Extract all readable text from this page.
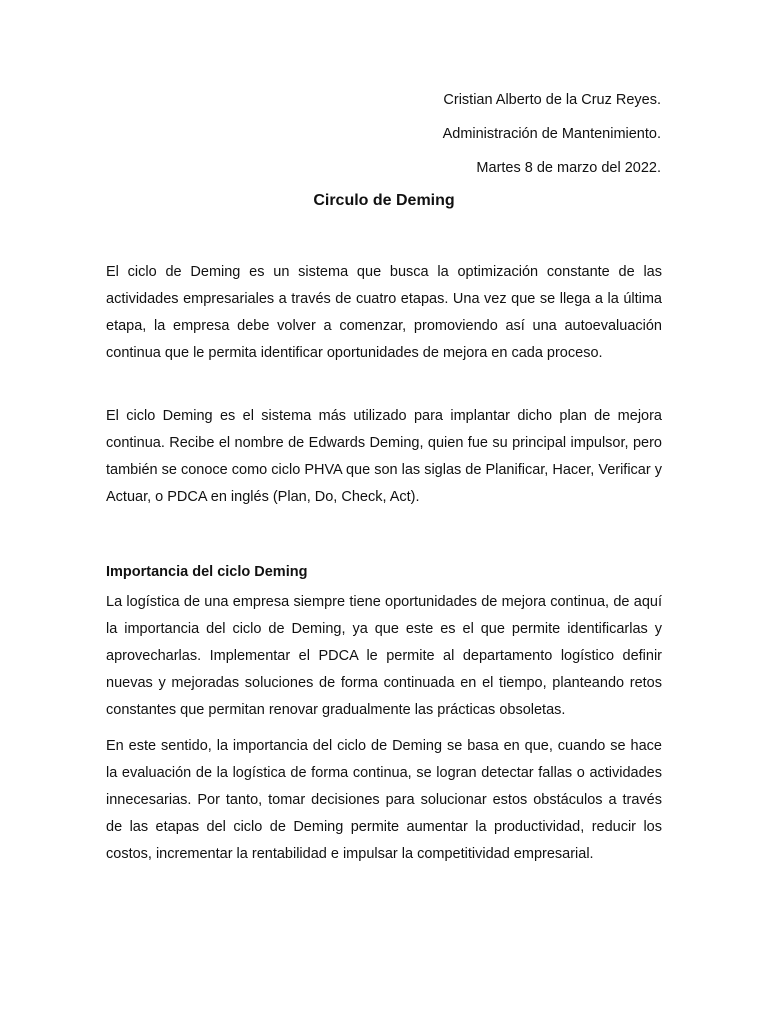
Cristian Alberto de la Cruz Reyes.

Administración de Mantenimiento.

Martes 8 de marzo del 2022.

Circulo de Deming

El ciclo de Deming es un sistema que busca la optimización constante de las actividades empresariales a través de cuatro etapas. Una vez que se llega a la última etapa, la empresa debe volver a comenzar, promoviendo así una autoevaluación continua que le permita identificar oportunidades de mejora en cada proceso.

El ciclo Deming es el sistema más utilizado para implantar dicho plan de mejora continua. Recibe el nombre de Edwards Deming, quien fue su principal impulsor, pero también se conoce como ciclo PHVA que son las siglas de Planificar, Hacer, Verificar y Actuar, o PDCA en inglés (Plan, Do, Check, Act).

Importancia del ciclo Deming

La logística de una empresa siempre tiene oportunidades de mejora continua, de aquí la importancia del ciclo de Deming, ya que este es el que permite identificarlas y aprovecharlas. Implementar el PDCA le permite al departamento logístico definir nuevas y mejoradas soluciones de forma continuada en el tiempo, planteando retos constantes que permitan renovar gradualmente las prácticas obsoletas.

En este sentido, la importancia del ciclo de Deming se basa en que, cuando se hace la evaluación de la logística de forma continua, se logran detectar fallas o actividades innecesarias. Por tanto, tomar decisiones para solucionar estos obstáculos a través de las etapas del ciclo de Deming permite aumentar la productividad, reducir los costos, incrementar la rentabilidad e impulsar la competitividad empresarial.
